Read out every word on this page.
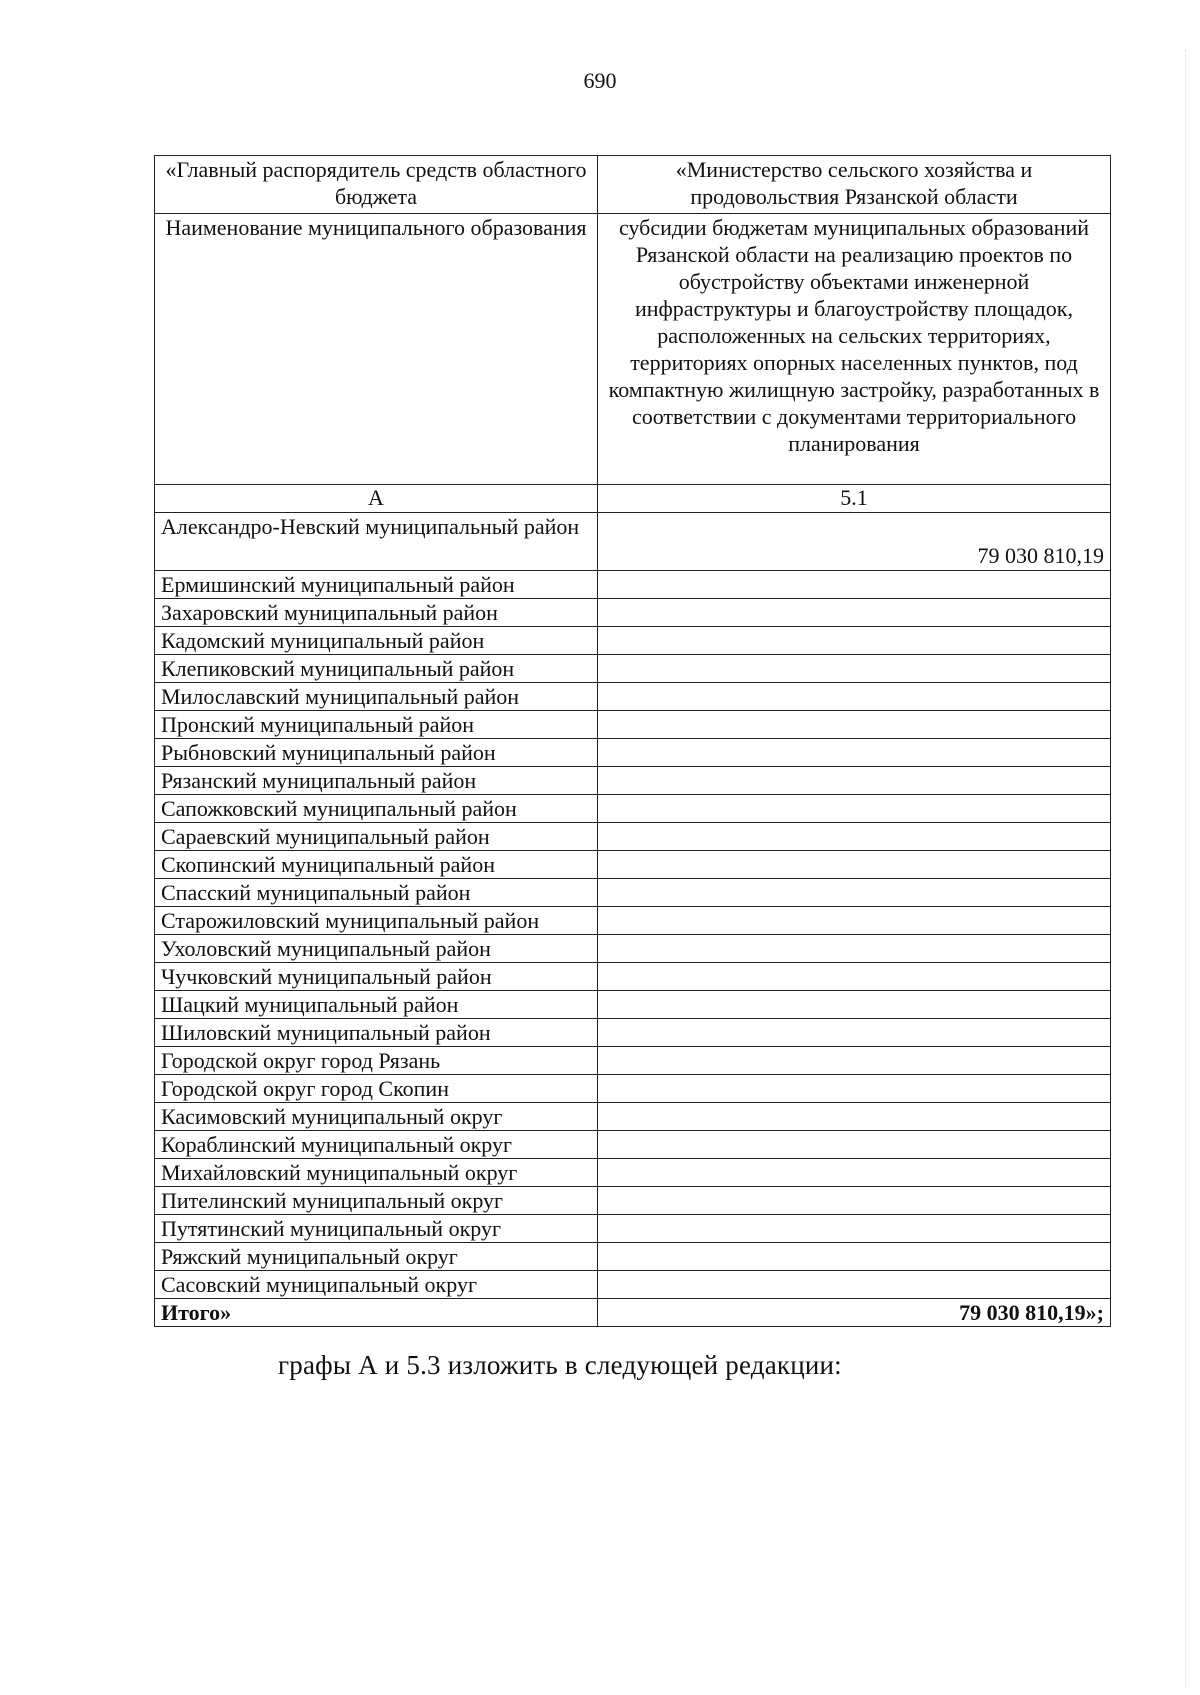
690
«Главный распорядитель средств областного бюджета	«Министерство сельского хозяйства и продовольствия Рязанской области
Наименование муниципального образования	субсидии бюджетам муниципальных образований Рязанской области на реализацию проектов по обустройству объектами инженерной инфраструктуры и благоустройству площадок, расположенных на сельских территориях, территориях опорных населенных пунктов, под компактную жилищную застройку, разработанных в соответствии с документами территориального планирования
А	5.1
Александро-Невский муниципальный район	79 030 810,19
Ермишинский муниципальный район	
Захаровский муниципальный район	
Кадомский муниципальный район	
Клепиковский муниципальный район	
Милославский муниципальный район	
Пронский муниципальный район	
Рыбновский муниципальный район	
Рязанский муниципальный район	
Сапожковский муниципальный район	
Сараевский муниципальный район	
Скопинский муниципальный район	
Спасский муниципальный район	
Старожиловский муниципальный район	
Ухоловский муниципальный район	
Чучковский муниципальный район	
Шацкий муниципальный район	
Шиловский муниципальный район	
Городской округ город Рязань	
Городской округ город Скопин	
Касимовский муниципальный округ	
Кораблинский муниципальный округ	
Михайловский муниципальный округ	
Пителинский муниципальный округ	
Путятинский муниципальный округ	
Ряжский муниципальный округ	
Сасовский муниципальный округ	
Итого»	79 030 810,19»;
графы А и 5.3 изложить в следующей редакции:
